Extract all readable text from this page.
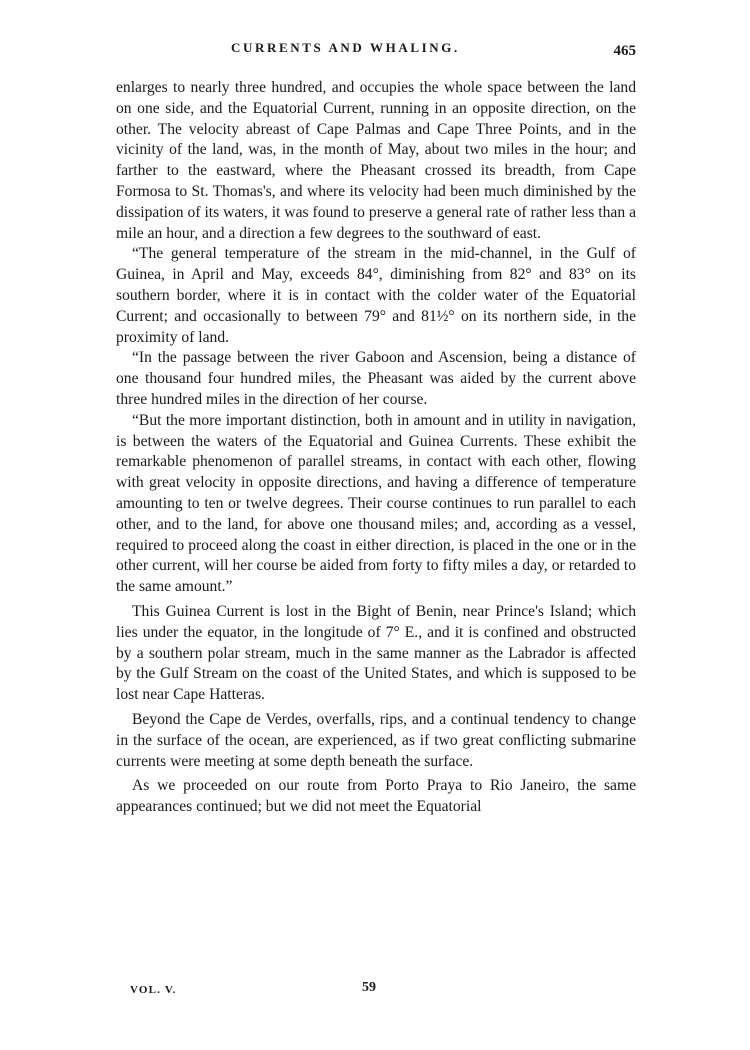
CURRENTS AND WHALING.	465

enlarges to nearly three hundred, and occupies the whole space between the land on one side, and the Equatorial Current, running in an opposite direction, on the other. The velocity abreast of Cape Palmas and Cape Three Points, and in the vicinity of the land, was, in the month of May, about two miles in the hour; and farther to the eastward, where the Pheasant crossed its breadth, from Cape Formosa to St. Thomas's, and where its velocity had been much diminished by the dissipation of its waters, it was found to preserve a general rate of rather less than a mile an hour, and a direction a few degrees to the southward of east.

“The general temperature of the stream in the mid-channel, in the Gulf of Guinea, in April and May, exceeds 84°, diminishing from 82° and 83° on its southern border, where it is in contact with the colder water of the Equatorial Current; and occasionally to between 79° and 81½° on its northern side, in the proximity of land.

“In the passage between the river Gaboon and Ascension, being a distance of one thousand four hundred miles, the Pheasant was aided by the current above three hundred miles in the direction of her course.

“But the more important distinction, both in amount and in utility in navigation, is between the waters of the Equatorial and Guinea Currents. These exhibit the remarkable phenomenon of parallel streams, in contact with each other, flowing with great velocity in opposite directions, and having a difference of temperature amounting to ten or twelve degrees. Their course continues to run parallel to each other, and to the land, for above one thousand miles; and, according as a vessel, required to proceed along the coast in either direction, is placed in the one or in the other current, will her course be aided from forty to fifty miles a day, or retarded to the same amount.”

This Guinea Current is lost in the Bight of Benin, near Prince's Island; which lies under the equator, in the longitude of 7° E., and it is confined and obstructed by a southern polar stream, much in the same manner as the Labrador is affected by the Gulf Stream on the coast of the United States, and which is supposed to be lost near Cape Hatteras.

Beyond the Cape de Verdes, overfalls, rips, and a continual tendency to change in the surface of the ocean, are experienced, as if two great conflicting submarine currents were meeting at some depth beneath the surface.

As we proceeded on our route from Porto Praya to Rio Janeiro, the same appearances continued; but we did not meet the Equatorial

VOL. V.	59
